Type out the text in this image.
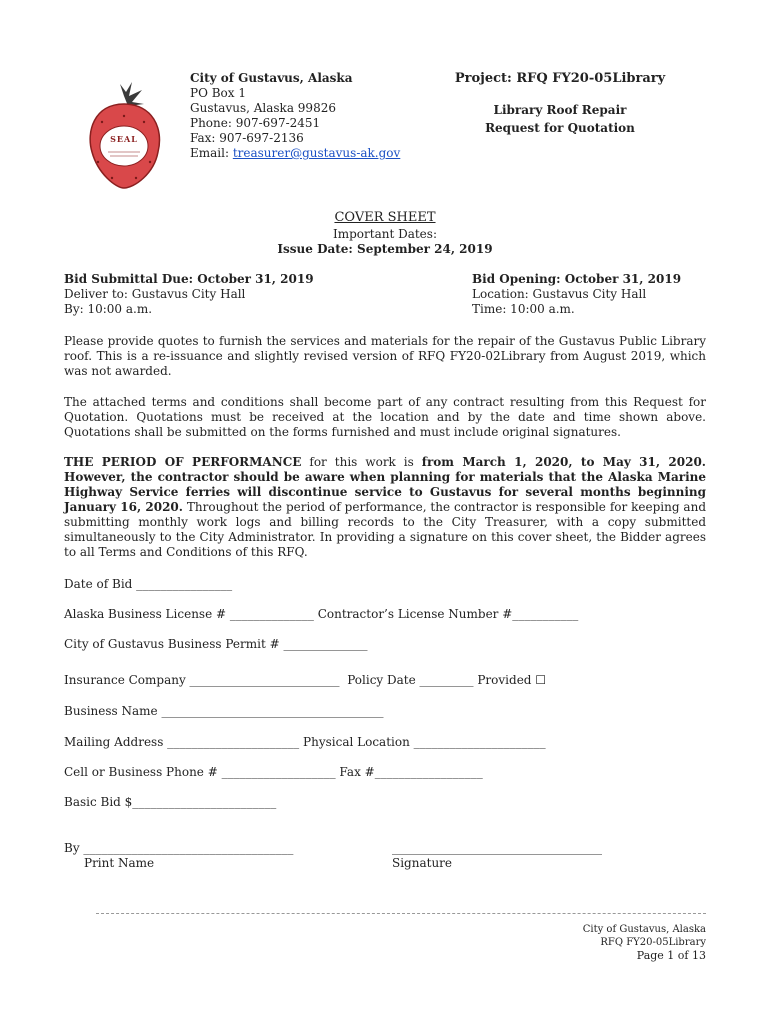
SEAL
City of Gustavus, Alaska
PO Box 1
Gustavus, Alaska 99826
Phone: 907-697-2451
Fax: 907-697-2136
Email: treasurer@gustavus-ak.gov
Project: RFQ FY20-05Library
Library Roof Repair
Request for Quotation
COVER SHEET
Important Dates:
Issue Date: September 24, 2019
Bid Submittal Due: October 31, 2019
Deliver to: Gustavus City Hall
By: 10:00 a.m.
Bid Opening: October 31, 2019
Location: Gustavus City Hall
Time: 10:00 a.m.
Please provide quotes to furnish the services and materials for the repair of the Gustavus Public Library roof. This is a re-issuance and slightly revised version of RFQ FY20-02Library from August 2019, which was not awarded.
The attached terms and conditions shall become part of any contract resulting from this Request for Quotation. Quotations must be received at the location and by the date and time shown above. Quotations shall be submitted on the forms furnished and must include original signatures.
THE PERIOD OF PERFORMANCE for this work is from March 1, 2020, to May 31, 2020. However, the contractor should be aware when planning for materials that the Alaska Marine Highway Service ferries will discontinue service to Gustavus for several months beginning January 16, 2020. Throughout the period of performance, the contractor is responsible for keeping and submitting monthly work logs and billing records to the City Treasurer, with a copy submitted simultaneously to the City Administrator. In providing a signature on this cover sheet, the Bidder agrees to all Terms and Conditions of this RFQ.
Date of Bid ________________
Alaska Business License # ______________ Contractor’s License Number #___________
City of Gustavus Business Permit # ______________
Insurance Company _________________________ Policy Date _________ Provided ☐
Business Name _____________________________________
Mailing Address ______________________ Physical Location ______________________
Cell or Business Phone # ___________________ Fax #__________________
Basic Bid $________________________
By ___________________________________
Print Name
___________________________________
Signature
City of Gustavus, Alaska
RFQ FY20-05Library
Page 1 of 13
